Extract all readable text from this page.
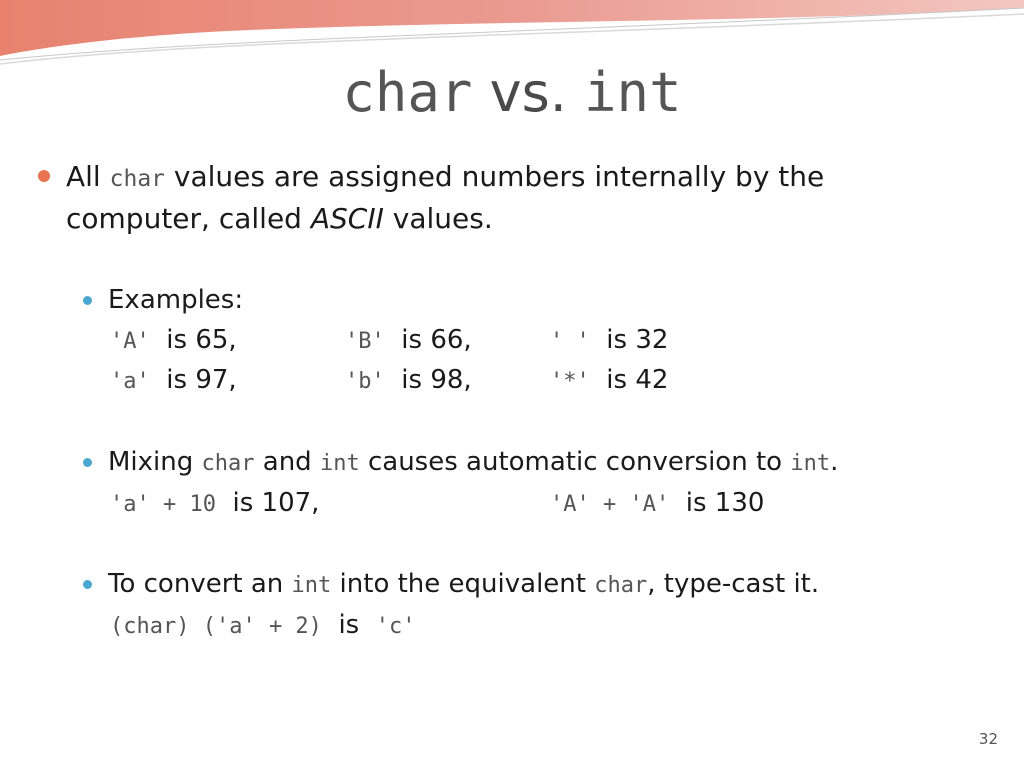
char vs. int
All char values are assigned numbers internally by the computer, called ASCII values.
Examples:
'A' is 65,	'B' is 66,	' ' is 32
'a' is 97,	'b' is 98,	'*' is 42
Mixing char and int causes automatic conversion to int.
'a' + 10 is 107,	'A' + 'A' is 130
To convert an int into the equivalent char, type-cast it.
(char) ('a' + 2) is 'c'
32
